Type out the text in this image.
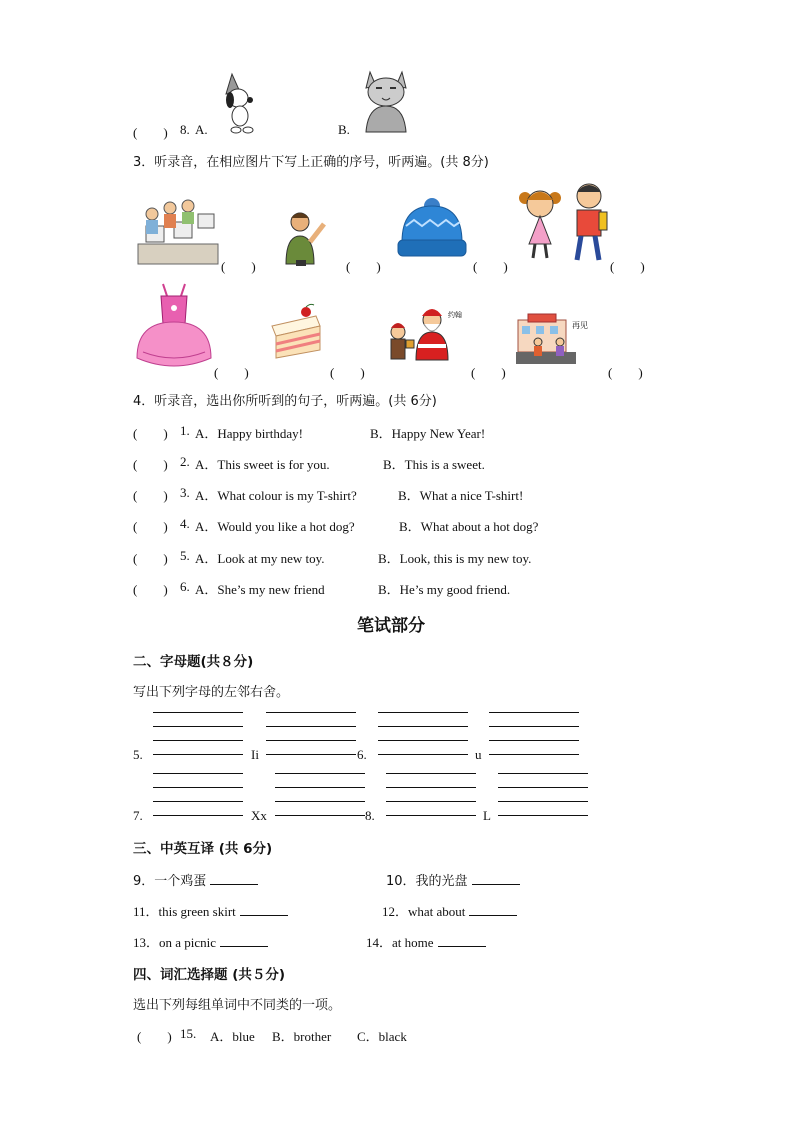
(　　) 8. A.	B.
3．听录音，在相应图片下写上正确的序号，听两遍。(共 8分)
(　　)	(　　)	(　　)	(　　)
(　　)	(　　)
约翰
(　　)
再见
(　　)
4．听录音，选出你所听到的句子，听两遍。(共 6分)
(　　) 1. A．Happy birthday!	B．Happy New Year!
(　　) 2. A．This sweet is for you.	B．This is a sweet.
(　　) 3. A．What colour is my T-shirt?	B．What a nice T-shirt!
(　　) 4. A．Would you like a hot dog?	B．What about a hot dog?
(　　) 5. A．Look at my new toy.	B．Look, this is my new toy.
(　　) 6. A．She’s my new friend	B．He’s my good friend.
笔试部分
二、字母题(共８分)
写出下列字母的左邻右舍。
5.	Ii	6.	u
7.	Xx	8.	L
三、中英互译 (共 6分)
9．一个鸡蛋	10．我的光盘
11．this green skirt	12．what about
13．on a picnic	14．at home
四、词汇选择题 (共５分)
选出下列每组单词中不同类的一项。
(　　) 15. A．blue B．brother C．black
